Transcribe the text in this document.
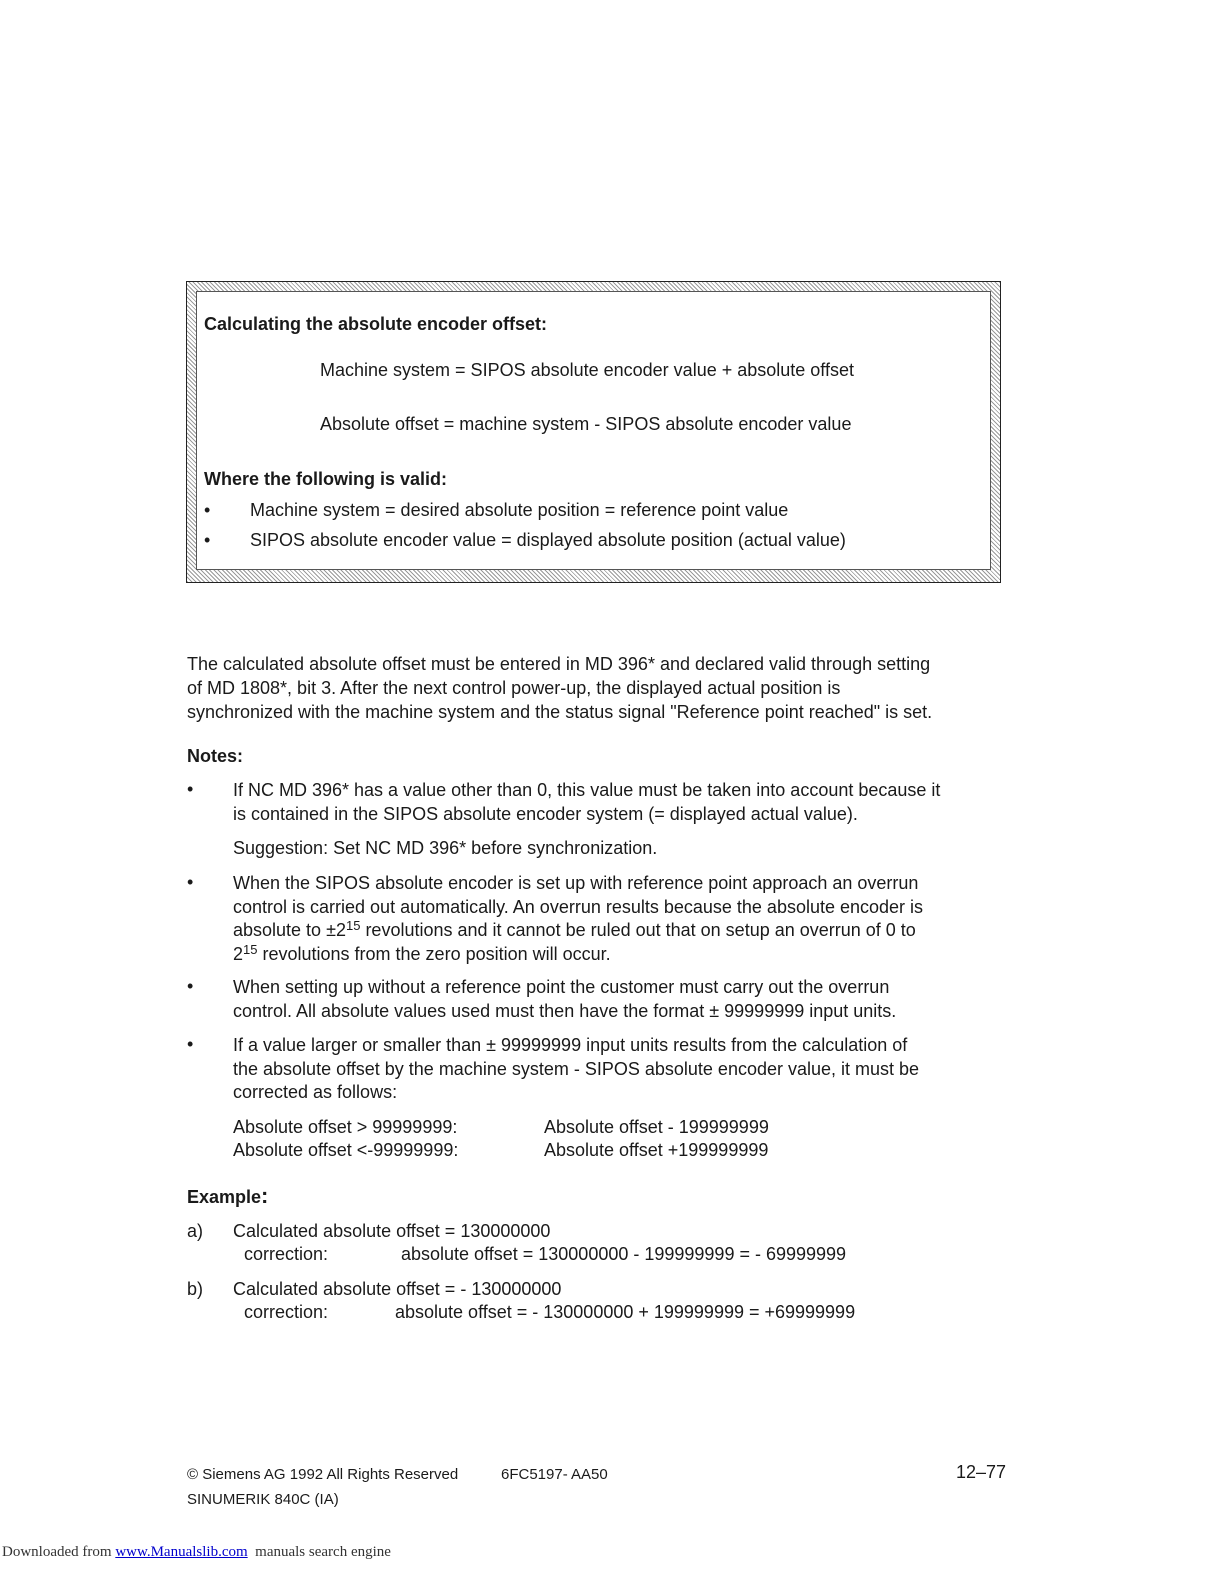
Calculating the absolute encoder offset:
Machine system = SIPOS absolute encoder value + absolute offset
Absolute offset = machine system - SIPOS absolute encoder value
Where the following is valid:
• Machine system = desired absolute position = reference point value
• SIPOS absolute encoder value = displayed absolute position (actual value)
The calculated absolute offset must be entered in MD 396* and declared valid through setting
of MD 1808*, bit 3. After the next control power-up, the displayed actual position is
synchronized with the machine system and the status signal "Reference point reached" is set.
Notes:
• If NC MD 396* has a value other than 0, this value must be taken into account because it
is contained in the SIPOS absolute encoder system (= displayed actual value).
Suggestion: Set NC MD 396* before synchronization.
• When the SIPOS absolute encoder is set up with reference point approach an overrun
control is carried out automatically. An overrun results because the absolute encoder is
absolute to $\pm 2^{15}$ revolutions and it cannot be ruled out that on setup an overrun of 0 to
$2^{15}$ revolutions from the zero position will occur.
• When setting up without a reference point the customer must carry out the overrun
control. All absolute values used must then have the format ± 99999999 input units.
• If a value larger or smaller than ± 99999999 input units results from the calculation of
the absolute offset by the machine system - SIPOS absolute encoder value, it must be
corrected as follows:
Absolute offset > 99999999:	Absolute offset - 199999999
Absolute offset <-99999999:	Absolute offset +199999999
Example:
a) Calculated absolute offset = 130000000
correction:	absolute offset = 130000000 - 199999999 = - 69999999
b) Calculated absolute offset = - 130000000
correction:	absolute offset = - 130000000 + 199999999 = +69999999
© Siemens AG 1992 All Rights Reserved	6FC5197- AA50	12–77
SINUMERIK 840C (IA)
Downloaded from www.Manualslib.com  manuals search engine
